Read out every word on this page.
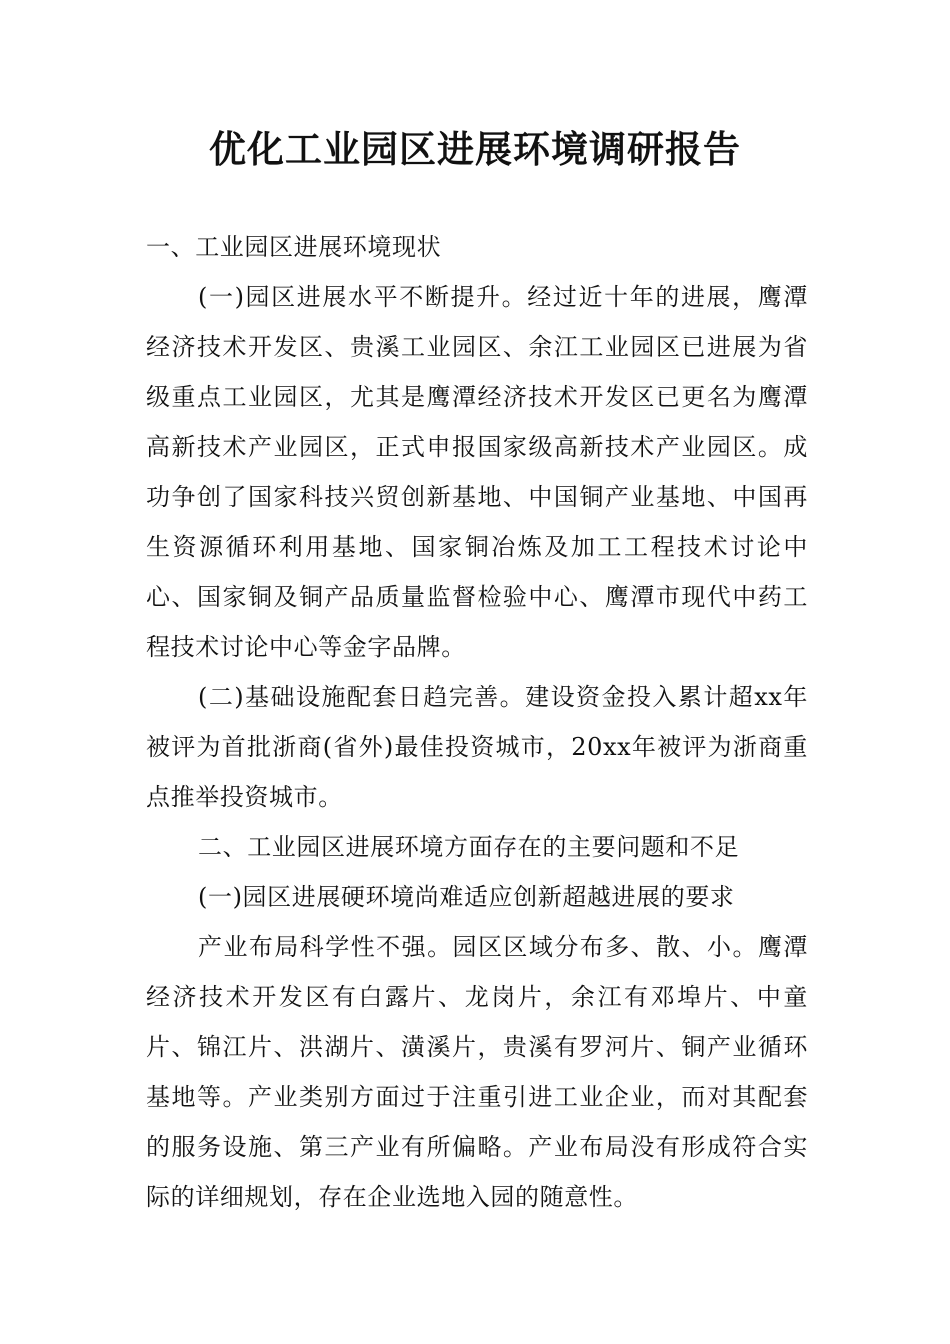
优化工业园区进展环境调研报告

一、工业园区进展环境现状

(一)园区进展水平不断提升。经过近十年的进展，鹰潭经济技术开发区、贵溪工业园区、余江工业园区已进展为省级重点工业园区，尤其是鹰潭经济技术开发区已更名为鹰潭高新技术产业园区，正式申报国家级高新技术产业园区。成功争创了国家科技兴贸创新基地、中国铜产业基地、中国再生资源循环利用基地、国家铜冶炼及加工工程技术讨论中心、国家铜及铜产品质量监督检验中心、鹰潭市现代中药工程技术讨论中心等金字品牌。

(二)基础设施配套日趋完善。建设资金投入累计超xx年被评为首批浙商(省外)最佳投资城市，20xx年被评为浙商重点推举投资城市。

二、工业园区进展环境方面存在的主要问题和不足

(一)园区进展硬环境尚难适应创新超越进展的要求

产业布局科学性不强。园区区域分布多、散、小。鹰潭经济技术开发区有白露片、龙岗片，余江有邓埠片、中童片、锦江片、洪湖片、潢溪片，贵溪有罗河片、铜产业循环基地等。产业类别方面过于注重引进工业企业，而对其配套的服务设施、第三产业有所偏略。产业布局没有形成符合实际的详细规划，存在企业选地入园的随意性。
